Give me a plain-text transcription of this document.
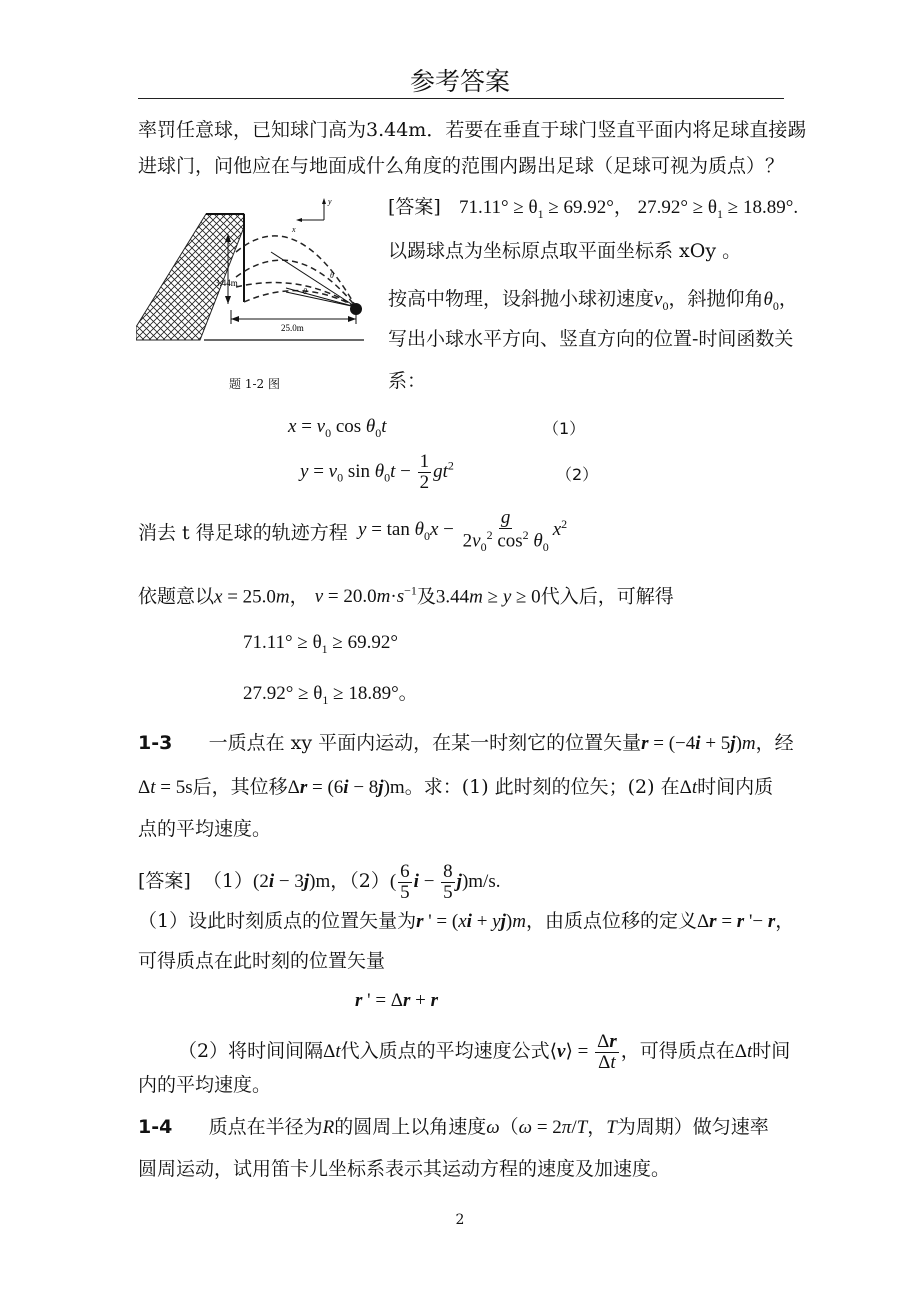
参考答案
率罚任意球，已知球门高为3.44m．若要在垂直于球门竖直平面内将足球直接踢
进球门，问他应在与地面成什么角度的范围内踢出足球（足球可视为质点）？
3.44m
25.0m
y
x
θ
θ
题 1-2 图
[答案] $71.11^\circ \ge \theta_1 \ge 69.92^\circ$， $27.92^\circ \ge \theta_1 \ge 18.89^\circ$.
以踢球点为坐标原点取平面坐标系 xOy 。
按高中物理，设斜抛小球初速度$v_0$，斜抛仰角$\theta_0$，
写出小球水平方向、竖直方向的位置-时间函数关
系：
$x = v_0$ $\cos \theta_0t$	（1）
$y = v_0$ $\sin \theta_0t - \frac{1}{2} gt^2$	（2）
消去 t 得足球的轨迹方程 $y = \tan \theta_0x - \frac{g}{2v_0^2 \cos^2 \theta_0} x^2$
依题意以x = 25.0m， $v = 20.0m\cdot s^{-1}$及3.44m ≥ y ≥ 0代入后，可解得
$71.11^\circ \ge \theta_1 \ge 69.92^\circ$
$27.92^\circ \ge \theta_1 \ge 18.89^\circ$。
1-3 一质点在 xy 平面内运动，在某一时刻它的位置矢量r = (−4i + 5j)m，经
Δt = 5s后，其位移Δr = (6i − 8j)m。求：(1) 此时刻的位矢；(2) 在Δt时间内质
点的平均速度。
[答案] （1）(2i − 3j)m，$(2)( \frac{6}{5}$ $i - \frac{8}{5} j)m/s$.
（1）设此时刻质点的位置矢量为r ' = (xi + yj)m，由质点位移的定义Δr = r '− r，
可得质点在此时刻的位置矢量
r ' = Δr + r
（2）将时间间隔Δt代入质点的平均速度公式⟨v⟩ = $\frac{\Delta r}{\Delta t}$ ，可得质点在Δt时间
内的平均速度。
1-4 质点在半径为R的圆周上以角速度ω（ω = 2π/T，T为周期）做匀速率
圆周运动，试用笛卡儿坐标系表示其运动方程的速度及加速度。
2
